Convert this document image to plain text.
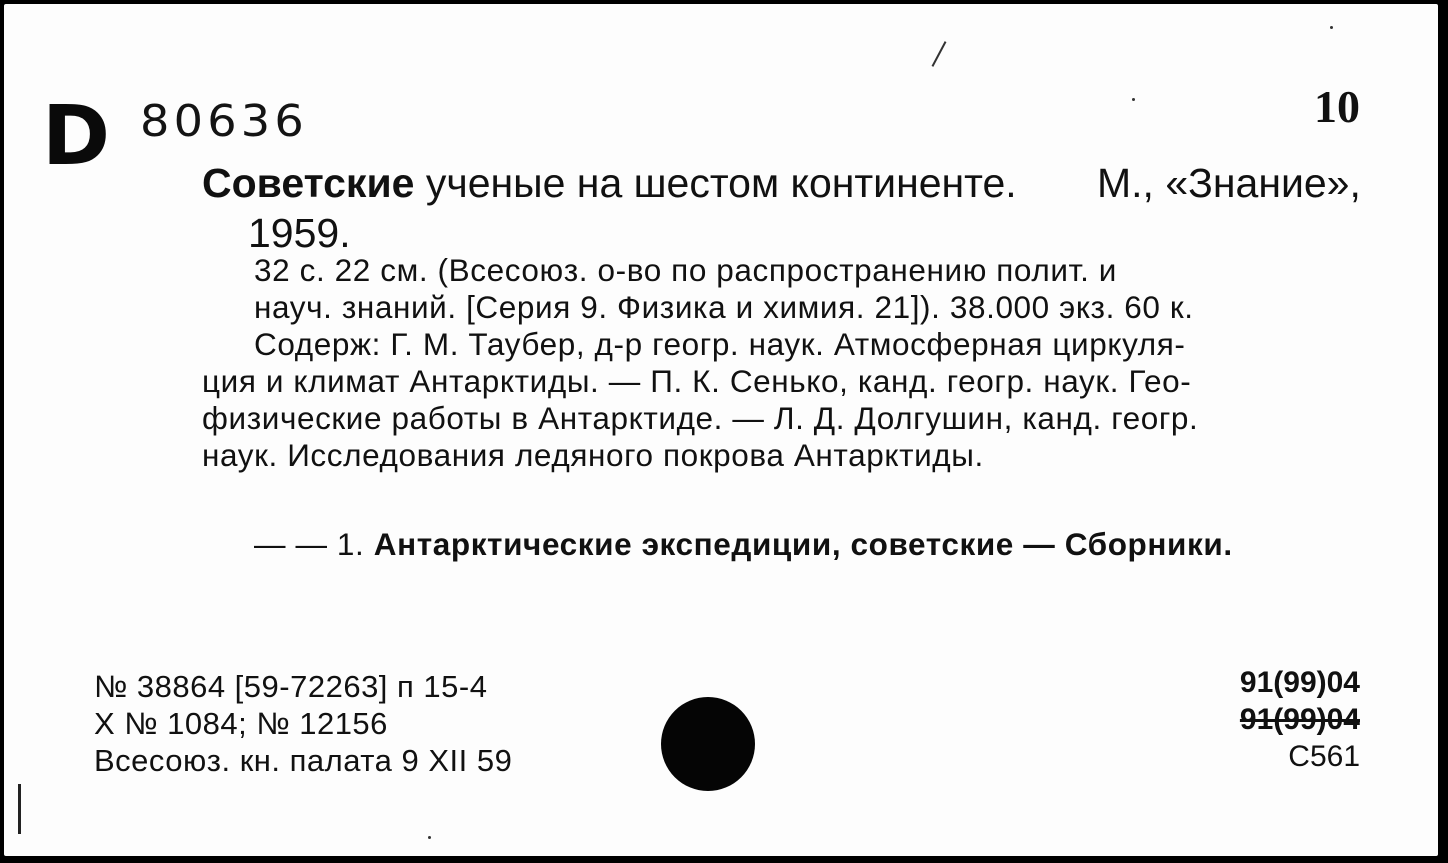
D 80636	10
Советские ученые на шестом континенте. М., «Знание»,
1959.
32 с. 22 см. (Всесоюз. о-во по распространению полит. и
науч. знаний. [Серия 9. Физика и химия. 21]). 38.000 экз. 60 к.
Содерж: Г. М. Таубер, д-р геогр. наук. Атмосферная циркуля-
ция и климат Антарктиды. — П. К. Сенько, канд. геогр. наук. Гео-
физические работы в Антарктиде. — Л. Д. Долгушин, канд. геогр.
наук. Исследования ледяного покрова Антарктиды.
— — 1. Антарктические экспедиции, советские — Сборники.
№ 38864 [59-72263] п 15-4
X № 1084; № 12156
Всесоюз. кн. палата 9 XII 59
91(99)04
91(99)04
С561
